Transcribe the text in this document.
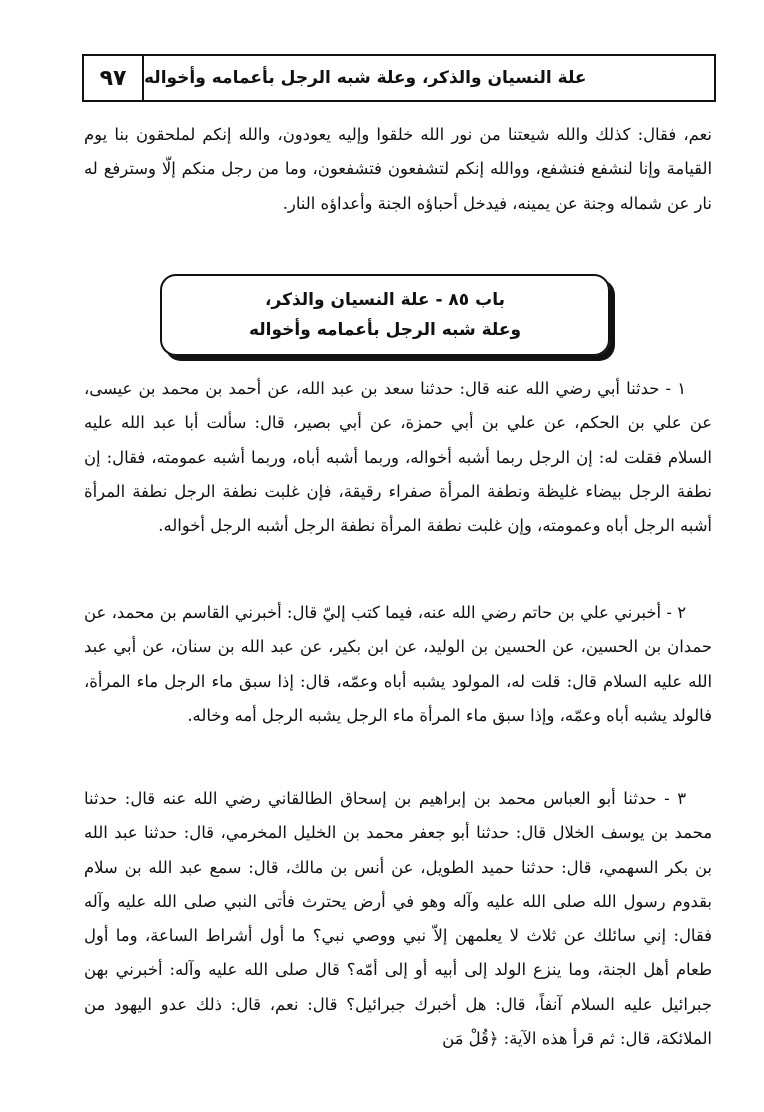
٩٧	علة النسيان والذكر، وعلة شبه الرجل بأعمامه وأخواله

نعم، فقال: كذلك والله شيعتنا من نور الله خلقوا وإليه يعودون، والله إنكم لملحقون بنا يوم القيامة وإنا لنشفع فنشفع، ووالله إنكم لتشفعون فتشفعون، وما من رجل منكم إلّا وسترفع له نار عن شماله وجنة عن يمينه، فيدخل أحباؤه الجنة وأعداؤه النار.

باب ٨٥ - علة النسيان والذكر،
وعلة شبه الرجل بأعمامه وأخواله

١ - حدثنا أبي رضي الله عنه قال: حدثنا سعد بن عبد الله، عن أحمد بن محمد بن عيسى، عن علي بن الحكم، عن علي بن أبي حمزة، عن أبي بصير، قال: سألت أبا عبد الله عليه السلام فقلت له: إن الرجل ربما أشبه أخواله، وربما أشبه أباه، وربما أشبه عمومته، فقال: إن نطفة الرجل بيضاء غليظة ونطفة المرأة صفراء رقيقة، فإن غلبت نطفة الرجل نطفة المرأة أشبه الرجل أباه وعمومته، وإن غلبت نطفة المرأة نطفة الرجل أشبه الرجل أخواله.

٢ - أخبرني علي بن حاتم رضي الله عنه، فيما كتب إليّ قال: أخبرني القاسم بن محمد، عن حمدان بن الحسين، عن الحسين بن الوليد، عن ابن بكير، عن عبد الله بن سنان، عن أبي عبد الله عليه السلام قال: قلت له، المولود يشبه أباه وعمّه، قال: إذا سبق ماء الرجل ماء المرأة، فالولد يشبه أباه وعمّه، وإذا سبق ماء المرأة ماء الرجل يشبه الرجل أمه وخاله.

٣ - حدثنا أبو العباس محمد بن إبراهيم بن إسحاق الطالقاني رضي الله عنه قال: حدثنا محمد بن يوسف الخلال قال: حدثنا أبو جعفر محمد بن الخليل المخرمي، قال: حدثنا عبد الله بن بكر السهمي، قال: حدثنا حميد الطويل، عن أنس بن مالك، قال: سمع عبد الله بن سلام بقدوم رسول الله صلى الله عليه وآله وهو في أرض يحترث فأتى النبي صلى الله عليه وآله فقال: إني سائلك عن ثلاث لا يعلمهن إلاّ نبي ووصي نبي؟ ما أول أشراط الساعة، وما أول طعام أهل الجنة، وما ينزع الولد إلى أبيه أو إلى أمّه؟ قال صلى الله عليه وآله: أخبرني بهن جبرائيل عليه السلام آنفاً، قال: هل أخبرك جبرائيل؟ قال: نعم، قال: ذلك عدو اليهود من الملائكة، قال: ثم قرأ هذه الآية: ﴿قُلْ مَن
